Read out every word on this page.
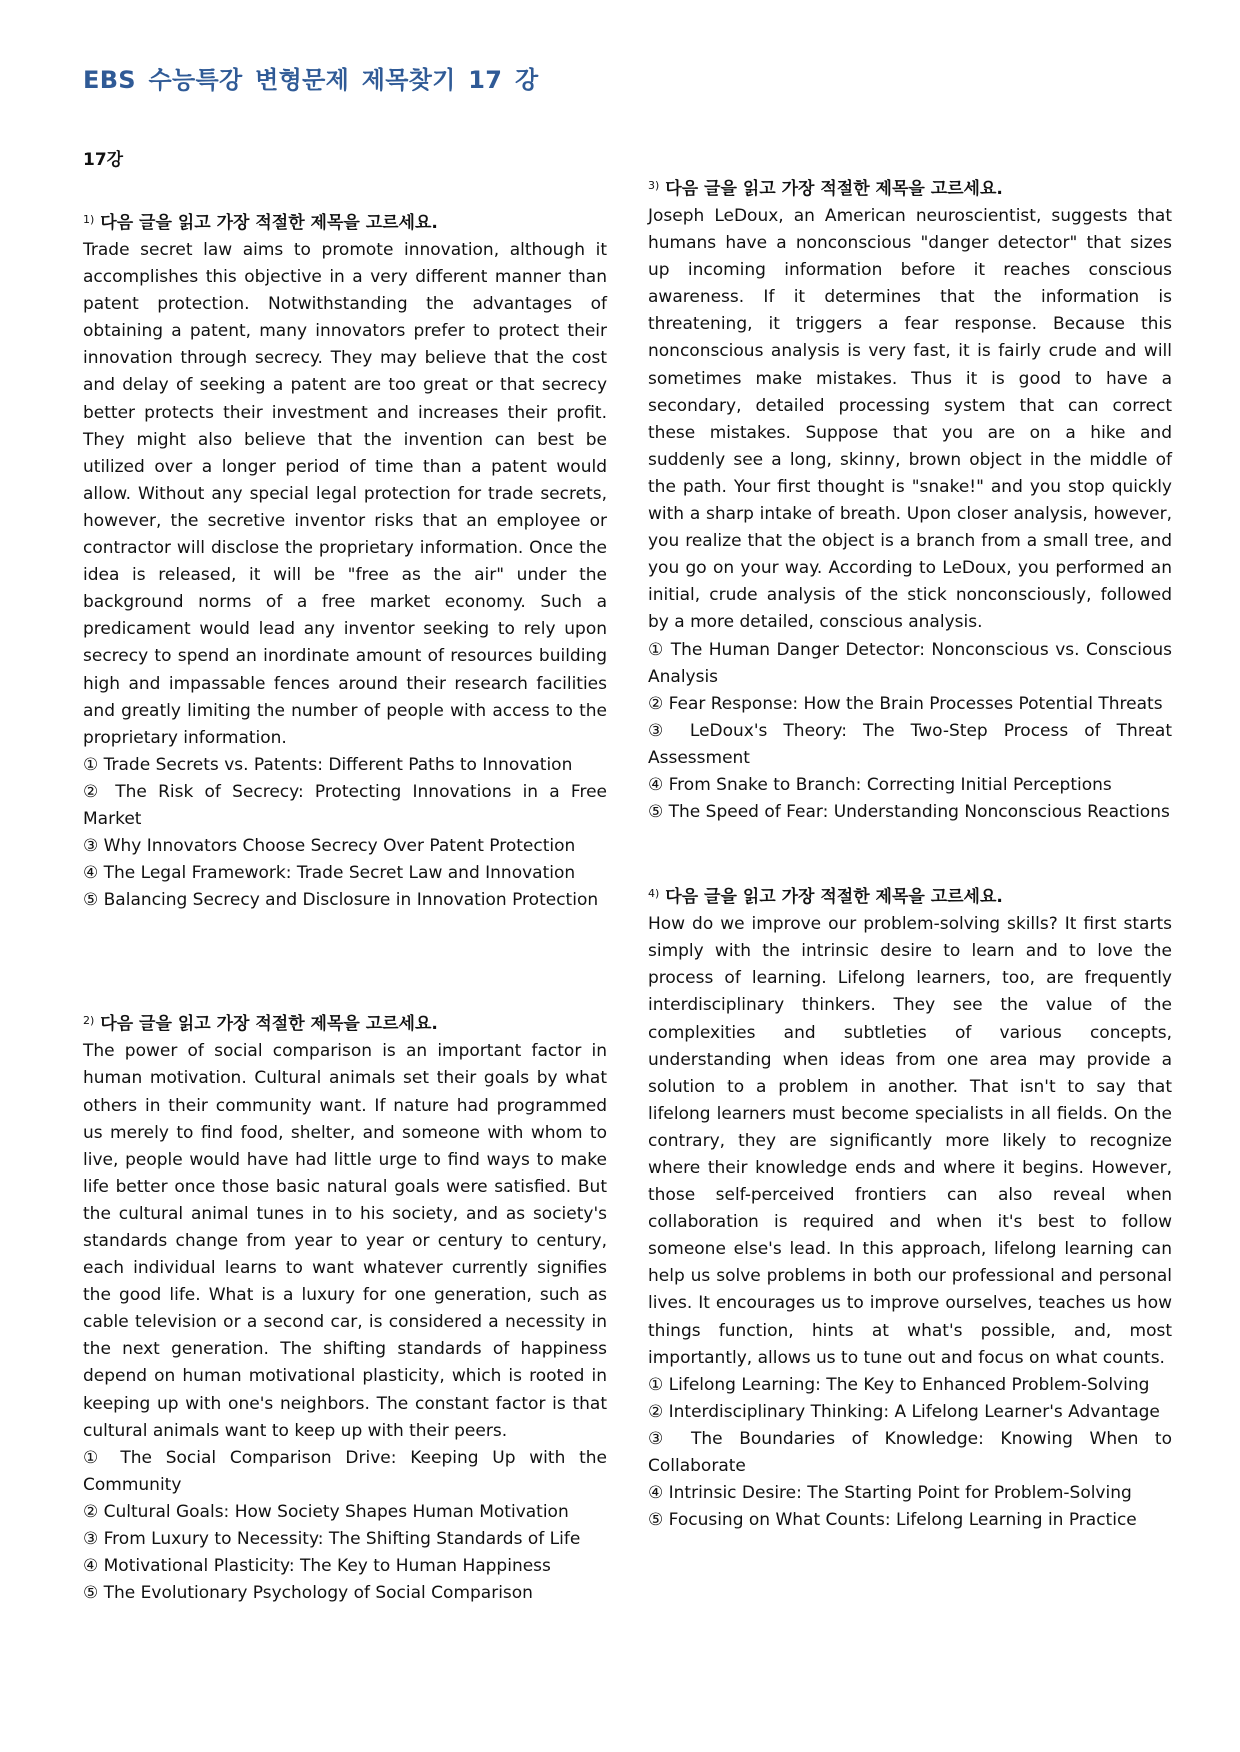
EBS 수능특강 변형문제 제목찾기 17 강
17강
$^{1)}$ 다음 글을 읽고 가장 적절한 제목을 고르세요.

Trade secret law aims to promote innovation, although it accomplishes this objective in a very different manner than patent protection. Notwithstanding the advantages of obtaining a patent, many innovators prefer to protect their innovation through secrecy. They may believe that the cost and delay of seeking a patent are too great or that secrecy better protects their investment and increases their profit. They might also believe that the invention can best be utilized over a longer period of time than a patent would allow. Without any special legal protection for trade secrets, however, the secretive inventor risks that an employee or contractor will disclose the proprietary information. Once the idea is released, it will be "free as the air" under the background norms of a free market economy. Such a predicament would lead any inventor seeking to rely upon secrecy to spend an inordinate amount of resources building high and impassable fences around their research facilities and greatly limiting the number of people with access to the proprietary information.

① Trade Secrets vs. Patents: Different Paths to Innovation
② The Risk of Secrecy: Protecting Innovations in a Free Market
③ Why Innovators Choose Secrecy Over Patent Protection
④ The Legal Framework: Trade Secret Law and Innovation
⑤ Balancing Secrecy and Disclosure in Innovation Protection
$^{2)}$ 다음 글을 읽고 가장 적절한 제목을 고르세요.

The power of social comparison is an important factor in human motivation. Cultural animals set their goals by what others in their community want. If nature had programmed us merely to find food, shelter, and someone with whom to live, people would have had little urge to find ways to make life better once those basic natural goals were satisfied. But the cultural animal tunes in to his society, and as society's standards change from year to year or century to century, each individual learns to want whatever currently signifies the good life. What is a luxury for one generation, such as cable television or a second car, is considered a necessity in the next generation. The shifting standards of happiness depend on human motivational plasticity, which is rooted in keeping up with one's neighbors. The constant factor is that cultural animals want to keep up with their peers.

① The Social Comparison Drive: Keeping Up with the Community
② Cultural Goals: How Society Shapes Human Motivation
③ From Luxury to Necessity: The Shifting Standards of Life
④ Motivational Plasticity: The Key to Human Happiness
⑤ The Evolutionary Psychology of Social Comparison
$^{3)}$ 다음 글을 읽고 가장 적절한 제목을 고르세요.

Joseph LeDoux, an American neuroscientist, suggests that humans have a nonconscious "danger detector" that sizes up incoming information before it reaches conscious awareness. If it determines that the information is threatening, it triggers a fear response. Because this nonconscious analysis is very fast, it is fairly crude and will sometimes make mistakes. Thus it is good to have a secondary, detailed processing system that can correct these mistakes. Suppose that you are on a hike and suddenly see a long, skinny, brown object in the middle of the path. Your first thought is "snake!" and you stop quickly with a sharp intake of breath. Upon closer analysis, however, you realize that the object is a branch from a small tree, and you go on your way. According to LeDoux, you performed an initial, crude analysis of the stick nonconsciously, followed by a more detailed, conscious analysis.

① The Human Danger Detector: Nonconscious vs. Conscious Analysis
② Fear Response: How the Brain Processes Potential Threats
③ LeDoux's Theory: The Two-Step Process of Threat Assessment
④ From Snake to Branch: Correcting Initial Perceptions
⑤ The Speed of Fear: Understanding Nonconscious Reactions
$^{4)}$ 다음 글을 읽고 가장 적절한 제목을 고르세요.

How do we improve our problem-solving skills? It first starts simply with the intrinsic desire to learn and to love the process of learning. Lifelong learners, too, are frequently interdisciplinary thinkers. They see the value of the complexities and subtleties of various concepts, understanding when ideas from one area may provide a solution to a problem in another. That isn't to say that lifelong learners must become specialists in all fields. On the contrary, they are significantly more likely to recognize where their knowledge ends and where it begins. However, those self-perceived frontiers can also reveal when collaboration is required and when it's best to follow someone else's lead. In this approach, lifelong learning can help us solve problems in both our professional and personal lives. It encourages us to improve ourselves, teaches us how things function, hints at what's possible, and, most importantly, allows us to tune out and focus on what counts.

① Lifelong Learning: The Key to Enhanced Problem-Solving
② Interdisciplinary Thinking: A Lifelong Learner's Advantage
③ The Boundaries of Knowledge: Knowing When to Collaborate
④ Intrinsic Desire: The Starting Point for Problem-Solving
⑤ Focusing on What Counts: Lifelong Learning in Practice
